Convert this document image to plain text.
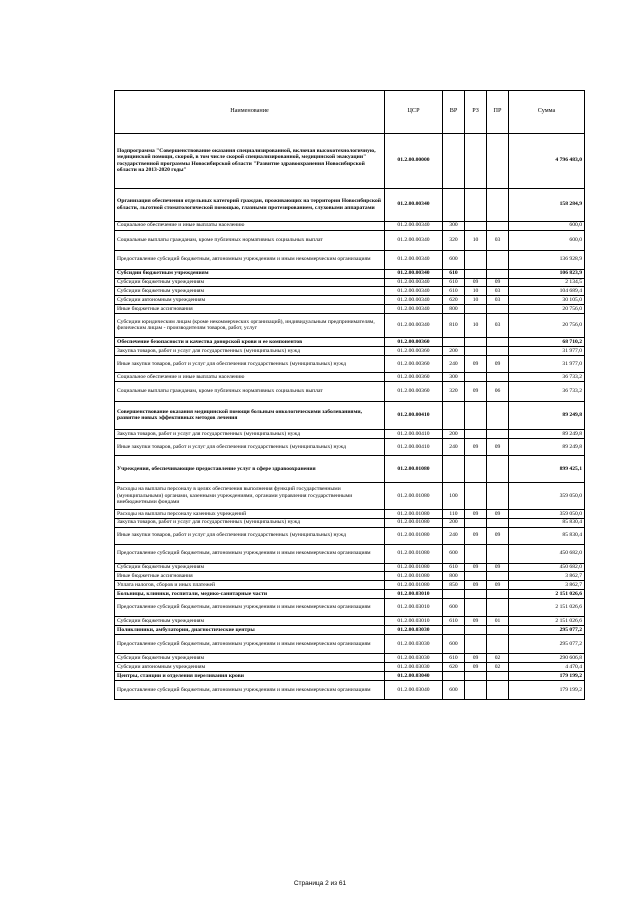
Наименование	ЦСР	ВР	РЗ	ПР	Сумма
Подпрограмма "Совершенствование оказания специализированной, включая высокотехнологичную, медицинской помощи, скорой, в том числе скорой специализированной, медицинской эвакуации" государственной программы Новосибирской области "Развитие здравоохранения Новосибирской области на 2013-2020 годы"	01.2.00.00000				4 796 483,0
Организация обеспечения отдельных категорий граждан, проживающих на территории Новосибирской области, льготной стоматологической помощью, глазными протезированием, слуховыми аппаратами	01.2.00.00340				158 284,9
Социальное обеспечение и иные выплаты населению	01.2.00.00340	300			600,0
Социальные выплаты гражданам, кроме публичных нормативных социальных выплат	01.2.00.00340	320	10	03	600,0
Предоставление субсидий бюджетным, автономным учреждениям и иным некоммерческим организациям	01.2.00.00340	600			136 928,9
Субсидии бюджетным учреждениям	01.2.00.00340	610			106 823,9
Субсидии бюджетным учреждениям	01.2.00.00340	610	09	09	2 134,5
Субсидии бюджетным учреждениям	01.2.00.00340	610	10	03	104 689,4
Субсидии автономным учреждениям	01.2.00.00340	620	10	03	30 105,0
Иные бюджетные ассигнования	01.2.00.00340	800			20 756,0
Субсидии юридическим лицам (кроме некоммерческих организаций), индивидуальным предпринимателям, физическим лицам - производителям товаров, работ, услуг	01.2.00.00340	810	10	03	20 756,0
Обеспечение безопасности и качества донорской крови и ее компонентов	01.2.00.00360				68 710,2
Закупка товаров, работ и услуг для государственных (муниципальных) нужд	01.2.00.00360	200			31 977,0
Иные закупки товаров, работ и услуг для обеспечения государственных (муниципальных) нужд	01.2.00.00360	240	09	09	31 977,0
Социальное обеспечение и иные выплаты населению	01.2.00.00360	300			36 733,2
Социальные выплаты гражданам, кроме публичных нормативных социальных выплат	01.2.00.00360	320	09	06	36 733,2
Совершенствование оказания медицинской помощи больным онкологическими заболеваниями, развитие новых эффективных методов лечения	01.2.00.00410				89 249,8
Закупка товаров, работ и услуг для государственных (муниципальных) нужд	01.2.00.00410	200			89 249,8
Иные закупки товаров, работ и услуг для обеспечения государственных (муниципальных) нужд	01.2.00.00410	240	09	09	89 249,8
Учреждения, обеспечивающие предоставление услуг в сфере здравоохранения	01.2.00.01080				899 425,1
Расходы на выплаты персоналу в целях обеспечения выполнения функций государственными (муниципальными) органами, казенными учреждениями, органами управления государственными внебюджетными фондами	01.2.00.01080	100			359 050,0
Расходы на выплаты персоналу казенных учреждений	01.2.00.01080	110	09	09	359 050,0
Закупка товаров, работ и услуг для государственных (муниципальных) нужд	01.2.00.01080	200			85 830,4
Иные закупки товаров, работ и услуг для обеспечения государственных (муниципальных) нужд	01.2.00.01080	240	09	09	85 830,4
Предоставление субсидий бюджетным, автономным учреждениям и иным некоммерческим организациям	01.2.00.01080	600			450 682,0
Субсидии бюджетным учреждениям	01.2.00.01080	610	09	09	450 682,0
Иные бюджетные ассигнования	01.2.00.01080	800			3 862,7
Уплата налогов, сборов и иных платежей	01.2.00.01080	850	09	09	3 862,7
Больницы, клиники, госпитали, медико-санитарные части	01.2.00.03010				2 151 026,6
Предоставление субсидий бюджетным, автономным учреждениям и иным некоммерческим организациям	01.2.00.03010	600			2 151 026,6
Субсидии бюджетным учреждениям	01.2.00.03010	610	09	01	2 151 026,6
Поликлиники, амбулатории, диагностические центры	01.2.00.03030				295 077,2
Предоставление субсидий бюджетным, автономным учреждениям и иным некоммерческим организациям	01.2.00.03030	600			295 077,2
Субсидии бюджетным учреждениям	01.2.00.03030	610	09	02	290 606,8
Субсидии автономным учреждениям	01.2.00.03030	620	09	02	4 470,4
Центры, станции и отделения переливания крови	01.2.00.03040				179 199,2
Предоставление субсидий бюджетным, автономным учреждениям и иным некоммерческим организациям	01.2.00.03040	600			179 199,2
Страница 2 из 61
